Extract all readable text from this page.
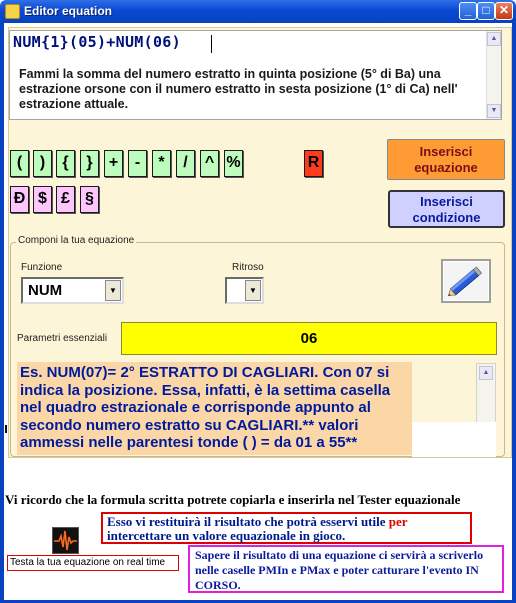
Editor equation	_ □ ✕
NUM{1}(05)+NUM(06)
Fammi la somma del numero estratto in quinta posizione (5° di Ba) una estrazione orsone con il numero estratto in sesta posizione (1° di Ca) nell' estrazione attuale.
▲
▼
(	)	{	}	+	-	*	/	^ %	R
Đ $ £ §
Inserisci equazione
Inserisci condizione
Componi la tua equazione
Funzione
NUM	▼
Ritroso
▼
Parametri essenziali	06
Es. NUM(07)= 2° ESTRATTO DI CAGLIARI. Con 07 si indica la posizione. Essa, infatti, è la settima casella nel quadro estrazionale e corrisponde appunto al secondo numero estratto su CAGLIARI.** valori ammessi nelle parentesi tonde ( ) = da 01 a 55**
▲
Vi ricordo che la formula scritta potrete copiarla e inserirla nel Tester equazionale
Esso vi restituirà il risultato che potrà esservi utile per intercettare un valore equazionale in gioco.
Testa la tua equazione on real time
Sapere il risultato di una equazione ci servirà a scriverlo nelle caselle PMIn e PMax e poter catturare l'evento IN CORSO.
